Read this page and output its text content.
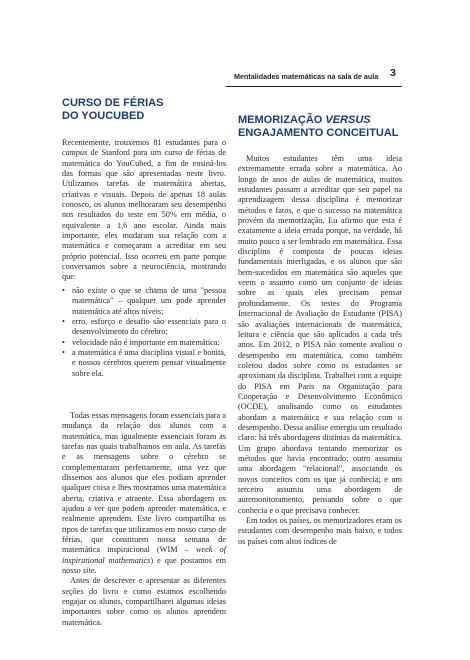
Mentalidades matemáticas na sala de aula 3
CURSO DE FÉRIAS
DO YOUCUBED

Recentemente, trouxemos 81 estudantes para o campus de Stanford para um curso de férias de matemática do YouCubed, a fim de ensiná-los das formas que são apresentadas neste livro. Utilizamos tarefas de matemática abertas, criativas e visuais. Depois de apenas 18 aulas conosco, os alunos melhoraram seu desempenho nos resultados do teste em 50% em média, o equivalente a 1,6 ano escolar. Ainda mais importante, eles mudaram sua relação com a matemática e começaram a acreditar em seu próprio potencial. Isso ocorreu em parte porque conversamos sobre a neurociência, mostrando que:

• não existe o que se chama de uma "pessoa matemática" – qualquer um pode aprender matemática até altos níveis;
• erro, esforço e desafio são essenciais para o desenvolvimento do cérebro;
• velocidade não é importante em matemática;
• a matemática é uma disciplina visual e bonita, e nossos cérebros querem pensar visualmente sobre ela.

Todas essas mensagens foram essenciais para a mudança da relação dos alunos com a matemática, mas igualmente essenciais foram as tarefas nas quais trabalhamos em aula. As tarefas e as mensagens sobre o cérebro se complementaram perfeitamente, uma vez que dissemos aos alunos que eles podiam aprender qualquer coisa e lhes mostramos uma matemática aberta, criativa e atraente. Essa abordagem os ajudou a ver que podem aprender matemática, e realmente aprendem. Este livro compartilha os tipos de tarefas que utilizamos em nosso curso de férias, que constituem nossa semana de matemática inspiracional (WIM – week of inspirational mathematics) e que postamos em nosso site.

Antes de descrever e apresentar as diferentes seções do livro e como estamos escolhendo engajar os alunos, compartilharei algumas ideias importantes sobre como os alunos aprendem matemática.

MEMORIZAÇÃO VERSUS
ENGAJAMENTO CONCEITUAL

Muitos estudantes têm uma ideia extremamente errada sobre a matemática. Ao longo de anos de aulas de matemática, muitos estudantes passam a acreditar que seu papel na aprendizagem dessa disciplina é memorizar métodos e fatos, e que o sucesso na matemática provém da memorização. Eu afirmo que esta é exatamente a ideia errada porque, na verdade, há muito pouco a ser lembrado em matemática. Essa disciplina é composta de poucas ideias fundamentais interligadas, e os alunos que são bem-sucedidos em matemática são aqueles que veem o assunto como um conjunto de ideias sobre as quais eles precisam pensar profundamente. Os testes do Programa Internacional de Avaliação do Estudante (PISA) são avaliações internacionais de matemática, leitura e ciência que são aplicados a cada três anos. Em 2012, o PISA não somente avaliou o desempenho em matemática, como também coletou dados sobre como os estudantes se aproximam da disciplina. Trabalhei com a equipe do PISA em Paris na Organização para Cooperação e Desenvolvimento Econômico (OCDE), analisando como os estudantes abordam a matemática e sua relação com o desempenho. Dessa análise emergiu um resultado claro: há três abordagens distintas da matemática. Um grupo abordava tentando memorizar os métodos que havia encontrado; outro assumiu uma abordagem "relacional", associando os novos conceitos com os que já conhecia; e um terceiro assumiu uma abordagem de autemonitoramento, pensando sobre o que conhecia e o que precisava conhecer.

Em todos os países, os memorizadores eram os estudantes com desempenho mais baixo, e todos os países com altos índices de
